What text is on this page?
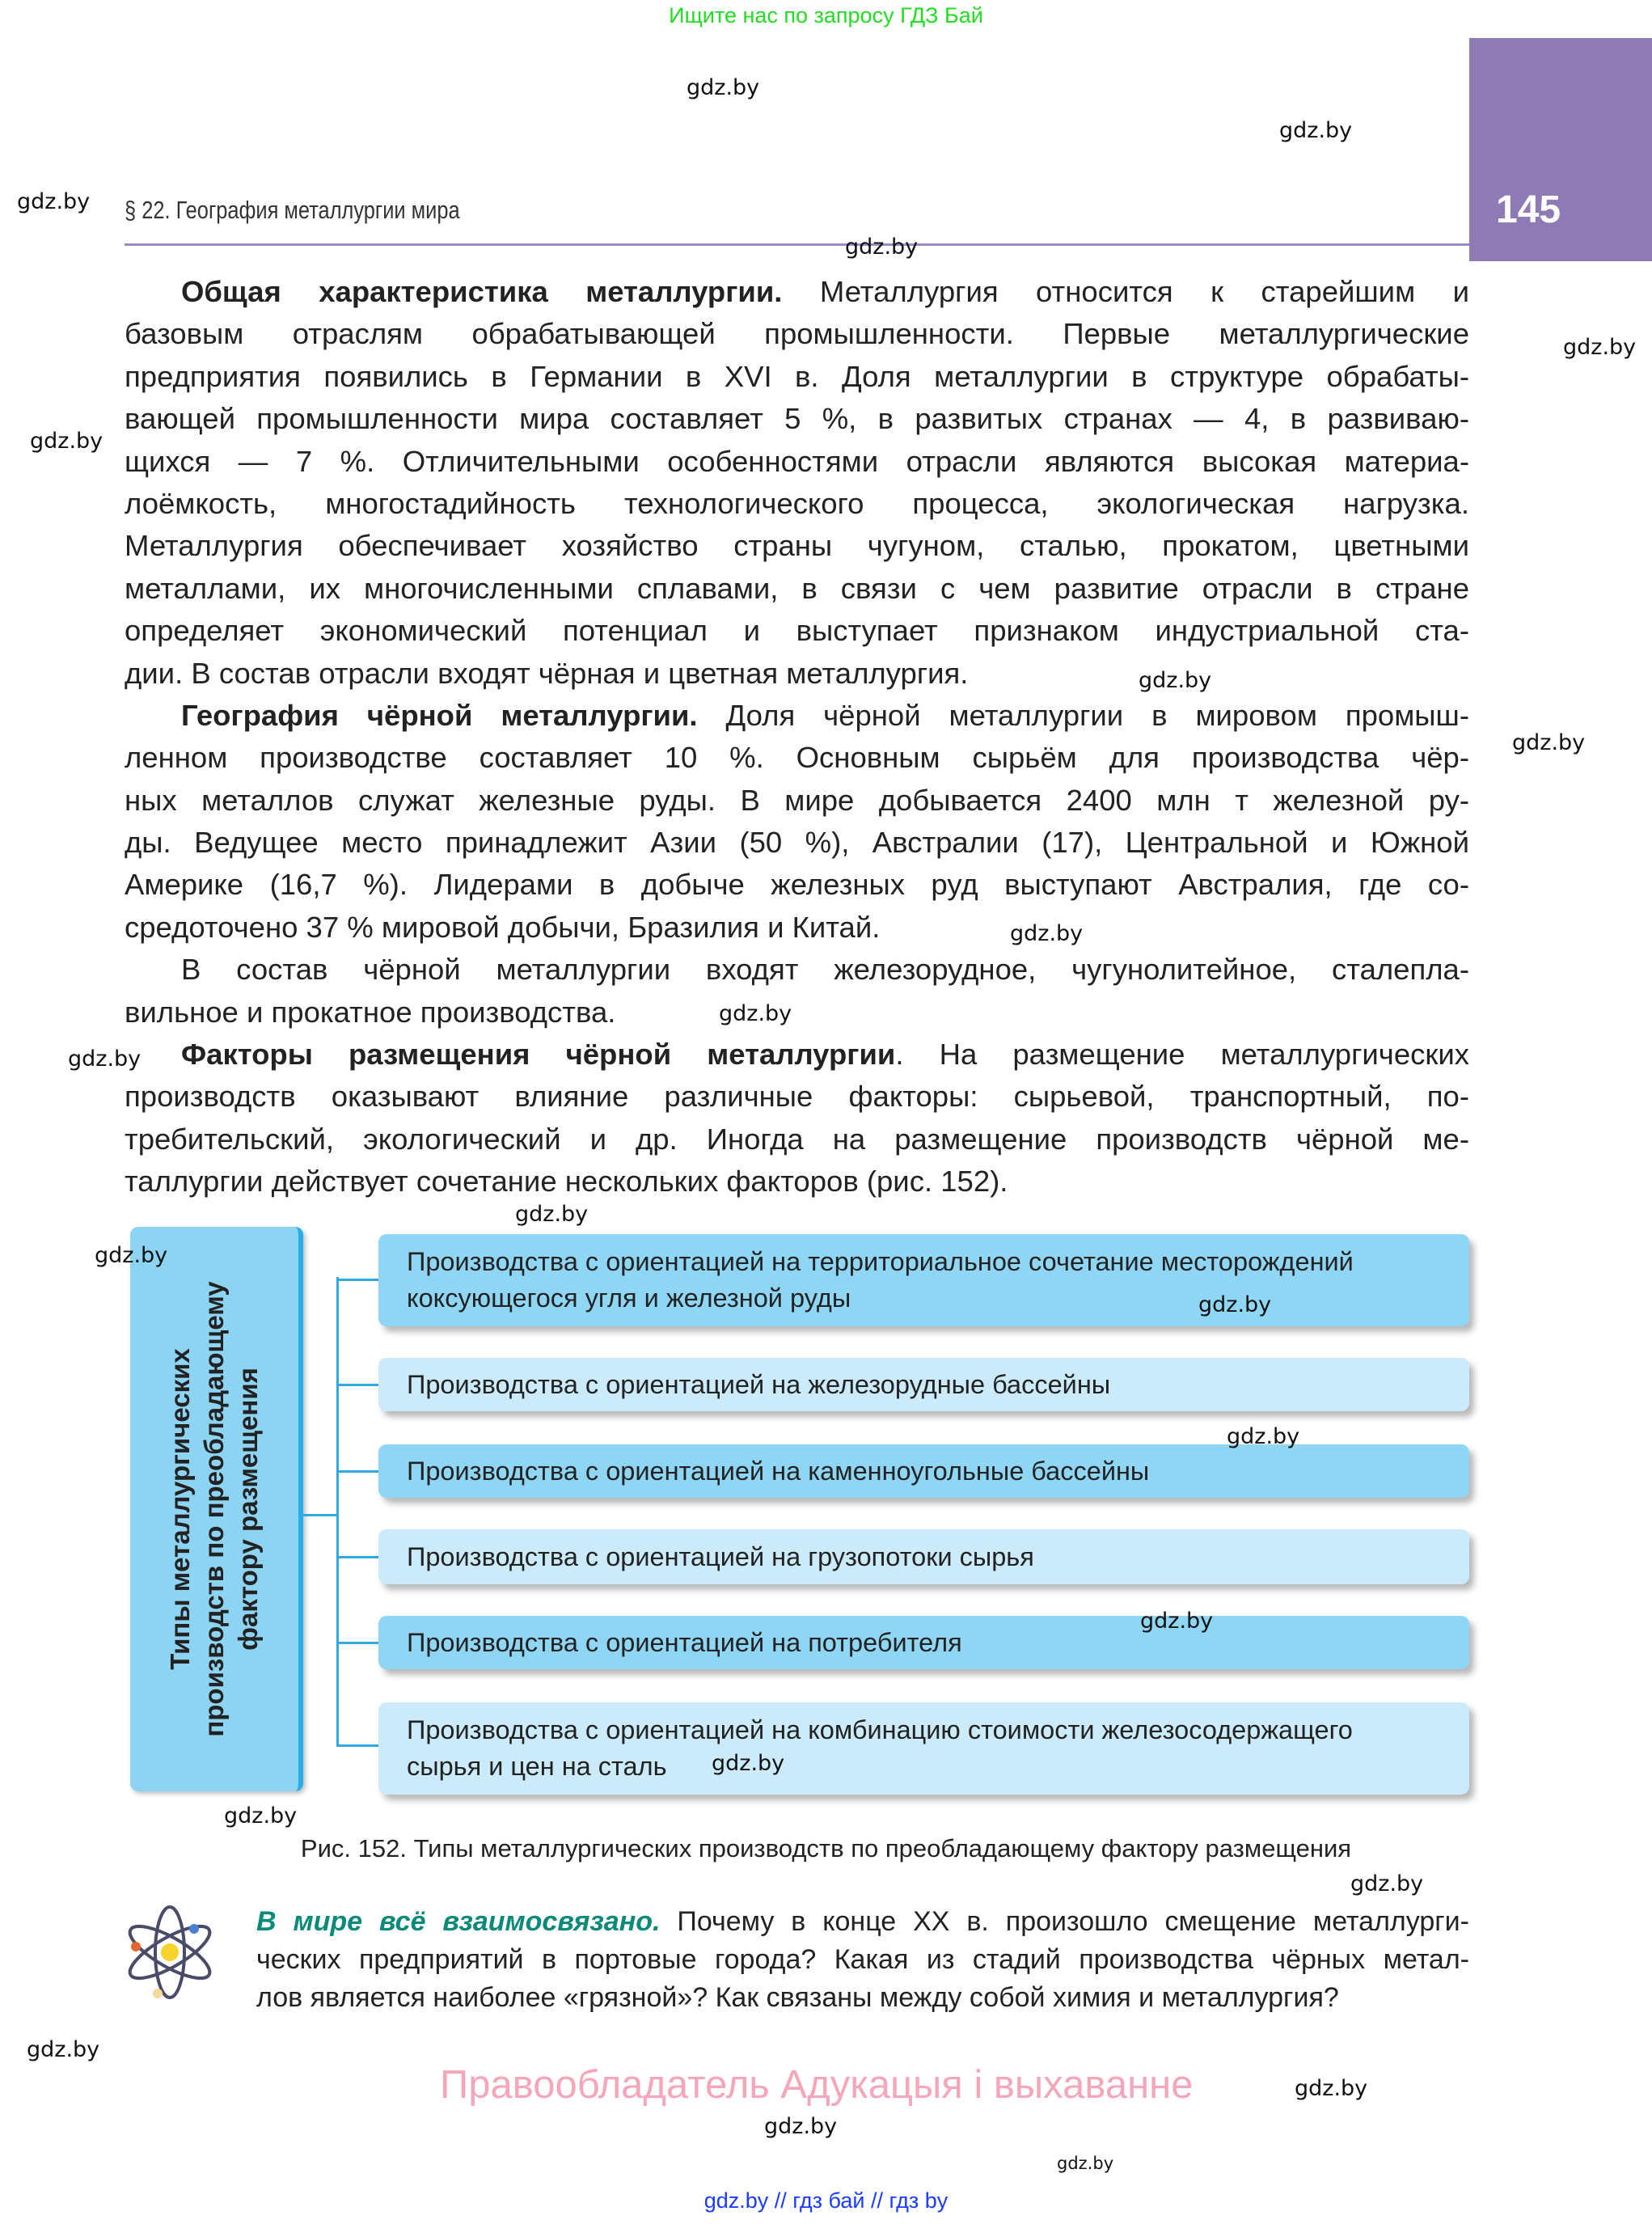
Ищите нас по запросу ГДЗ Бай
145
§ 22. География металлургии мира
Общая характеристика металлургии. Металлургия относится к старейшим и
базовым отраслям обрабатывающей промышленности. Первые металлургические
предприятия появились в Германии в XVI в. Доля металлургии в структуре обрабаты-
вающей промышленности мира составляет 5 %, в развитых странах — 4, в развиваю-
щихся — 7 %. Отличительными особенностями отрасли являются высокая материа-
лоёмкость, многостадийность технологического процесса, экологическая нагрузка.
Металлургия обеспечивает хозяйство страны чугуном, сталью, прокатом, цветными
металлами, их многочисленными сплавами, в связи с чем развитие отрасли в стране
определяет экономический потенциал и выступает признаком индустриальной ста-
дии. В состав отрасли входят чёрная и цветная металлургия.
География чёрной металлургии. Доля чёрной металлургии в мировом промыш-
ленном производстве составляет 10 %. Основным сырьём для производства чёр-
ных металлов служат железные руды. В мире добывается 2400 млн т железной ру-
ды. Ведущее место принадлежит Азии (50 %), Австралии (17), Центральной и Южной
Америке (16,7 %). Лидерами в добыче железных руд выступают Австралия, где со-
средоточено 37 % мировой добычи, Бразилия и Китай.
В состав чёрной металлургии входят железорудное, чугунолитейное, сталепла-
вильное и прокатное производства.
Факторы размещения чёрной металлургии. На размещение металлургических
производств оказывают влияние различные факторы: сырьевой, транспортный, по-
требительский, экологический и др. Иногда на размещение производств чёрной ме-
таллургии действует сочетание нескольких факторов (рис. 152).
Типы металлургических производств по преобладающему фактору размещения
Производства с ориентацией на территориальное сочетание месторождений
коксующегося угля и железной руды
Производства с ориентацией на железорудные бассейны
Производства с ориентацией на каменноугольные бассейны
Производства с ориентацией на грузопотоки сырья
Производства с ориентацией на потребителя
Производства с ориентацией на комбинацию стоимости железосодержащего
сырья и цен на сталь
Рис. 152. Типы металлургических производств по преобладающему фактору размещения
В мире всё взаимосвязано. Почему в конце XX в. произошло смещение металлурги-
ческих предприятий в портовые города? Какая из стадий производства чёрных метал-
лов является наиболее «грязной»? Как связаны между собой химия и металлургия?
Правообладатель Адукацыя і выхаванне
gdz.by // гдз бай // гдз by
gdz.by
gdz.by
gdz.by
gdz.by
gdz.by
gdz.by
gdz.by
gdz.by
gdz.by
gdz.by
gdz.by
gdz.by
gdz.by
gdz.by
gdz.by
gdz.by
gdz.by
gdz.by
gdz.by
gdz.by
gdz.by
gdz.by
gdz.by
